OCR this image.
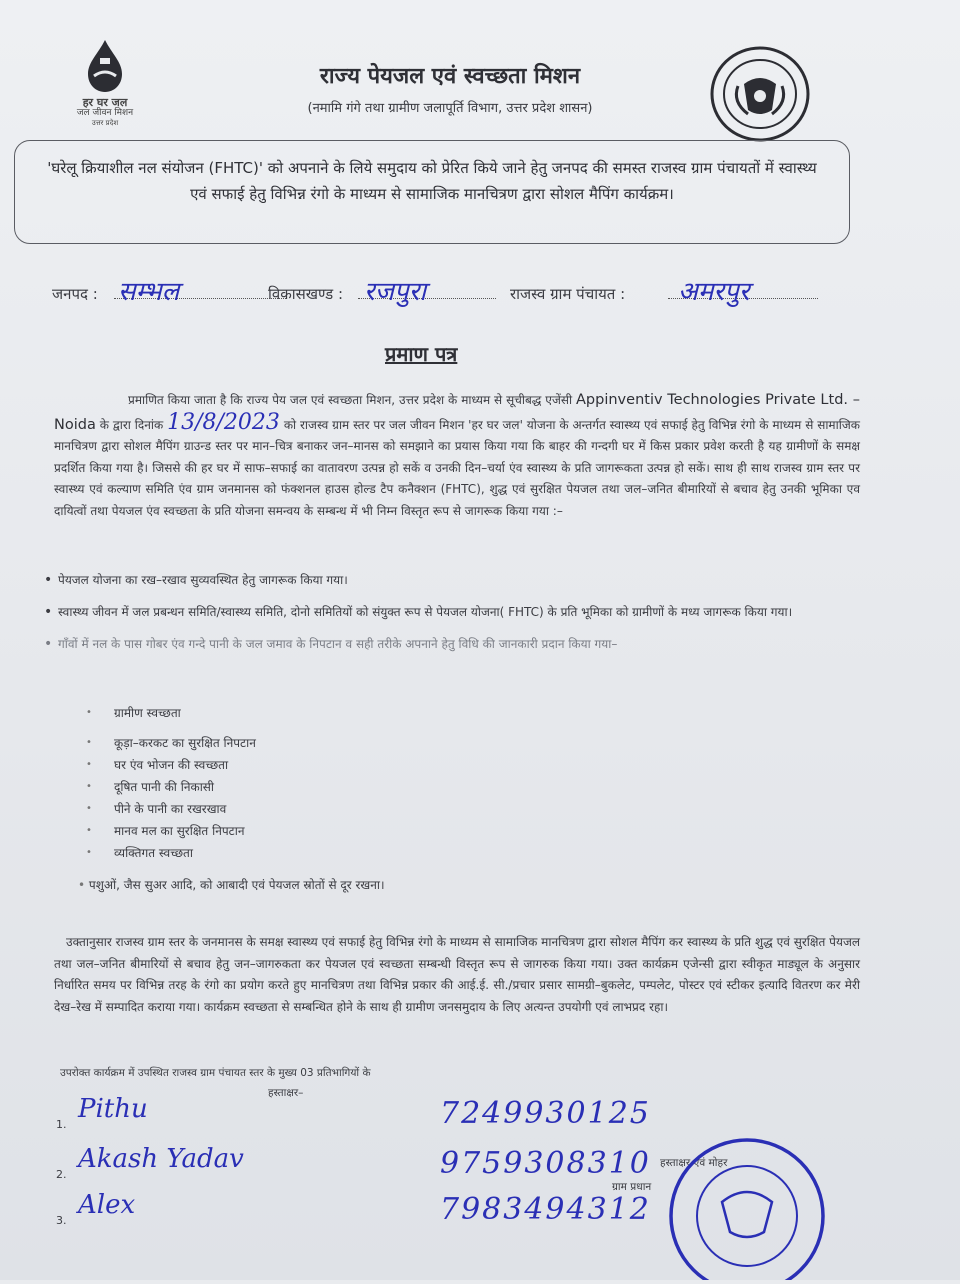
हर घर जल
जल जीवन मिशन
उत्तर प्रदेश
राज्य पेयजल एवं स्वच्छता मिशन
(नमामि गंगे तथा ग्रामीण जलापूर्ति विभाग, उत्तर प्रदेश शासन)
'घरेलू क्रियाशील नल संयोजन (FHTC)' को अपनाने के लिये समुदाय को प्रेरित किये जाने हेतु जनपद की समस्त राजस्व ग्राम पंचायतों में स्वास्थ्य एवं सफाई हेतु विभिन्न रंगो के माध्यम से सामाजिक मानचित्रण द्वारा सोशल मैपिंग कार्यक्रम।
जनपद : सम्भल	विकासखण्ड : रजपुरा	राजस्व ग्राम पंचायत : अमरपुर
प्रमाण पत्र
प्रमाणित किया जाता है कि राज्य पेय जल एवं स्वच्छता मिशन, उत्तर प्रदेश के माध्यम से सूचीबद्ध एजेंसी Appinventiv Technologies Private Ltd. – Noida के द्वारा दिनांक 13/8/2023 को राजस्व ग्राम स्तर पर जल जीवन मिशन 'हर घर जल' योजना के अन्तर्गत स्वास्थ्य एवं सफाई हेतु विभिन्न रंगो के माध्यम से सामाजिक मानचित्रण द्वारा सोशल मैपिंग ग्राउन्ड स्तर पर मान–चित्र बनाकर जन–मानस को समझाने का प्रयास किया गया कि बाहर की गन्दगी घर में किस प्रकार प्रवेश करती है यह ग्रामीणों के समक्ष प्रदर्शित किया गया है। जिससे की हर घर में साफ–सफाई का वातावरण उत्पन्न हो सकें व उनकी दिन–चर्या एंव स्वास्थ्य के प्रति जागरूकता उत्पन्न हो सकें। साथ ही साथ राजस्व ग्राम स्तर पर स्वास्थ्य एवं कल्याण समिति एंव ग्राम जनमानस को फंक्शनल हाउस होल्ड टैप कनैक्शन (FHTC), शुद्ध एवं सुरक्षित पेयजल तथा जल–जनित बीमारियों से बचाव हेतु उनकी भूमिका एव दायित्वों तथा पेयजल एंव स्वच्छता के प्रति योजना समन्वय के सम्बन्ध में भी निम्न विस्तृत रूप से जागरूक किया गया :–
• पेयजल योजना का रख–रखाव सुव्यवस्थित हेतु जागरूक किया गया।
• स्वास्थ्य जीवन में जल प्रबन्धन समिति/स्वास्थ्य समिति, दोनो समितियों को संयुक्त रूप से पेयजल योजना( FHTC) के प्रति भूमिका को ग्रामीणों के मध्य जागरूक किया गया।
• गाँवों में नल के पास गोबर एंव गन्दे पानी के जल जमाव के निपटान व सही तरीके अपनाने हेतु विधि की जानकारी प्रदान किया गया–
• ग्रामीण स्वच्छता
• कूड़ा–करकट का सुरक्षित निपटान
• घर एंव भोजन की स्वच्छता
• दूषित पानी की निकासी
• पीने के पानी का रखरखाव
• मानव मल का सुरक्षित निपटान
• व्यक्तिगत स्वच्छता
• पशुओं, जैस सुअर आदि, को आबादी एवं पेयजल स्रोतों से दूर रखना।
उक्तानुसार राजस्व ग्राम स्तर के जनमानस के समक्ष स्वास्थ्य एवं सफाई हेतु विभिन्न रंगो के माध्यम से सामाजिक मानचित्रण द्वारा सोशल मैपिंग कर स्वास्थ्य के प्रति शुद्ध एवं सुरक्षित पेयजल तथा जल–जनित बीमारियों से बचाव हेतु जन–जागरुकता कर पेयजल एवं स्वच्छता सम्बन्धी विस्तृत रूप से जागरुक किया गया। उक्त कार्यक्रम एजेन्सी द्वारा स्वीकृत माड्यूल के अनुसार निर्धारित समय पर विभिन्न तरह के रंगो का प्रयोग करते हुए मानचित्रण तथा विभिन्न प्रकार की आई.ई. सी./प्रचार प्रसार सामग्री–बुकलेट, पम्पलेट, पोस्टर एवं स्टीकर इत्यादि वितरण कर मेरी देख–रेख में सम्पादित कराया गया। कार्यक्रम स्वच्छता से सम्बन्धित होने के साथ ही ग्रामीण जनसमुदाय के लिए अत्यन्त उपयोगी एवं लाभप्रद रहा।
उपरोक्त कार्यक्रम में उपस्थित राजस्व ग्राम पंचायत स्तर के मुख्य 03 प्रतिभागियों के
हस्ताक्षर–
1.
Pithu	7249930125
2.
Akash Yadav	9759308310
3.
Alex	7983494312
हस्ताक्षर एवं मोहर
ग्राम प्रधान
